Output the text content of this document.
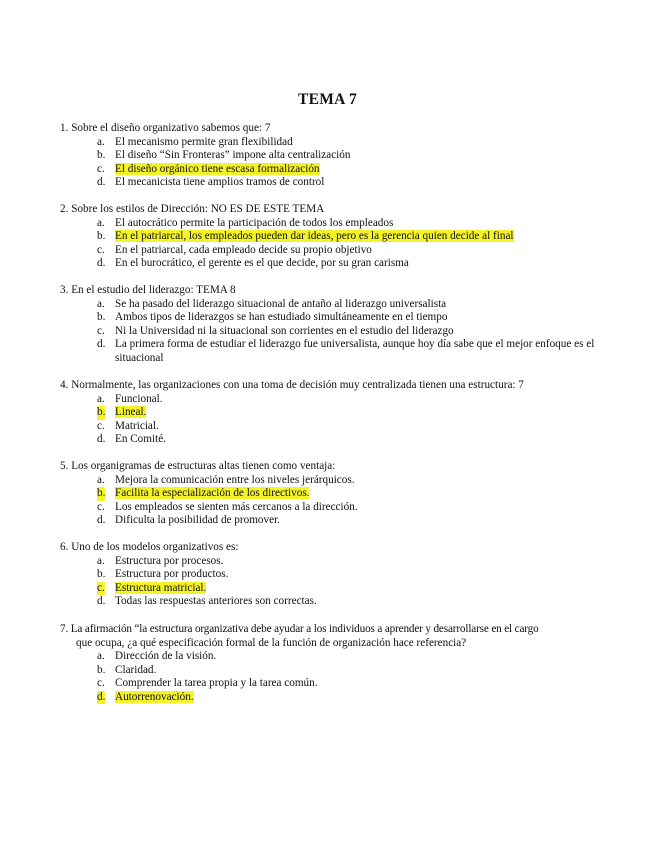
TEMA 7
1. Sobre el diseño organizativo sabemos que: 7
a. El mecanismo permite gran flexibilidad
b. El diseño “Sin Fronteras” impone alta centralización
c. El diseño orgánico tiene escasa formalización
d. El mecanicista tiene amplios tramos de control
2. Sobre los estilos de Dirección: NO ES DE ESTE TEMA
a. El autocrático permite la participación de todos los empleados
b. En el patriarcal, los empleados pueden dar ideas, pero es la gerencia quien decide al final
c. En el patriarcal, cada empleado decide su propio objetivo
d. En el burocrático, el gerente es el que decide, por su gran carisma
3. En el estudio del liderazgo: TEMA 8
a. Se ha pasado del liderazgo situacional de antaño al liderazgo universalista
b. Ambos tipos de liderazgos se han estudiado simultáneamente en el tiempo
c. Ni la Universidad ni la situacional son corrientes en el estudio del liderazgo
d. La primera forma de estudiar el liderazgo fue universalista, aunque hoy día sabe que el mejor enfoque es el situacional
4. Normalmente, las organizaciones con una toma de decisión muy centralizada tienen una estructura: 7
a. Funcional.
b. Lineal.
c. Matricial.
d. En Comité.
5. Los organigramas de estructuras altas tienen como ventaja:
a. Mejora la comunicación entre los niveles jerárquicos.
b. Facilita la especialización de los directivos.
c. Los empleados se sienten más cercanos a la dirección.
d. Dificulta la posibilidad de promover.
6. Uno de los modelos organizativos es:
a. Estructura por procesos.
b. Estructura por productos.
c. Estructura matricial.
d. Todas las respuestas anteriores son correctas.
7. La afirmación “la estructura organizativa debe ayudar a los individuos a aprender y desarrollarse en el cargo
que ocupa, ¿a qué especificación formal de la función de organización hace referencia?
a. Dirección de la visión.
b. Claridad.
c. Comprender la tarea propia y la tarea común.
d. Autorrenovación.
